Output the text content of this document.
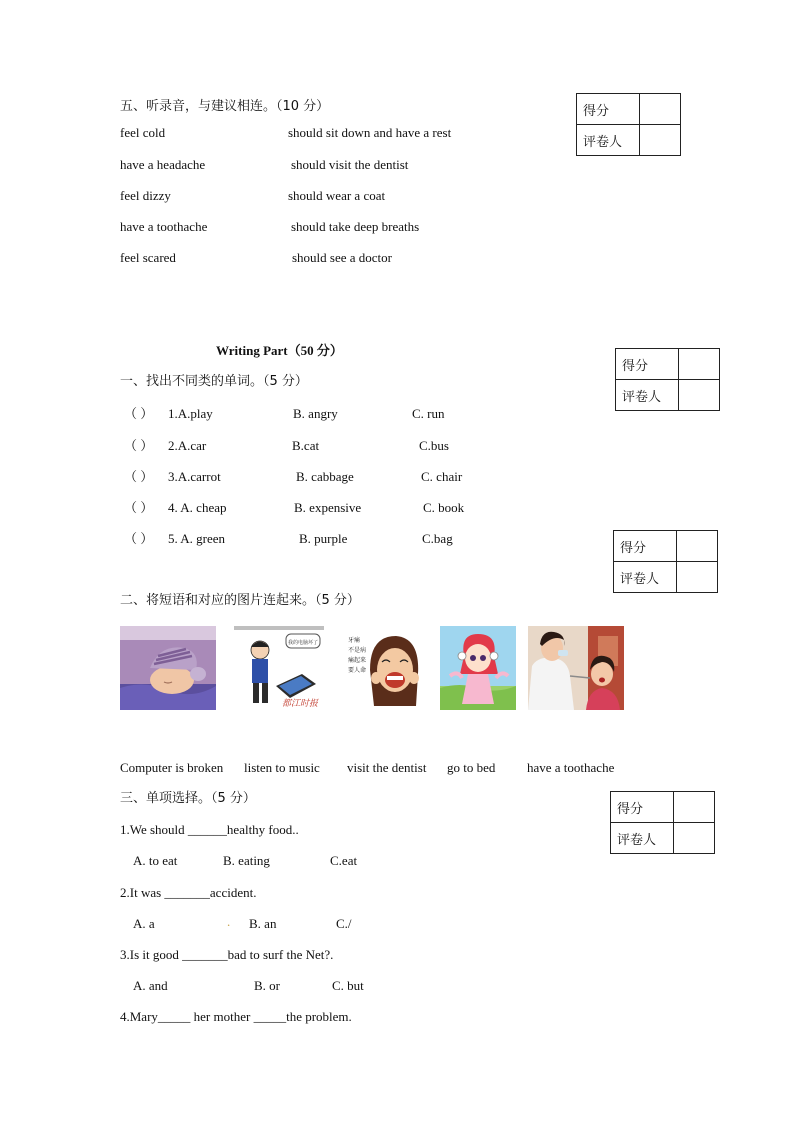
五、听录音，与建议相连。（10 分）
feel cold	should sit down and have a rest
have a headache	should visit the dentist
feel dizzy	should wear a coat
have a toothache	should take deep breaths
feel scared	should see a doctor
得分	
评卷人	
得分	
评卷人	
得分	
评卷人	
得分	
评卷人	
Writing Part（50 分）
一、找出不同类的单词。（5 分）
（ ） 1.A.play	B. angry	C. run
（ ） 2.A.car	B.cat	C.bus
（ ） 3.A.carrot	B. cabbage	C. chair
（ ） 4. A. cheap	B. expensive	C. book
（ ） 5. A. green	B. purple	C.bag
二、将短语和对应的图片连起来。（5 分）
我的电脑坏了
都江时报
牙痛
不是病
痛起来
要人命
Computer is broken listen to music visit the dentist go to bed have a toothache
三、单项选择。（5 分）
1.We should ______healthy food..
A. to eat	B. eating	C.eat
2.It was _______accident.
A. a	. B. an	C./
3.Is it good _______bad to surf the Net?.
A. and	B. or	C. but
4.Mary_____ her mother _____the problem.
